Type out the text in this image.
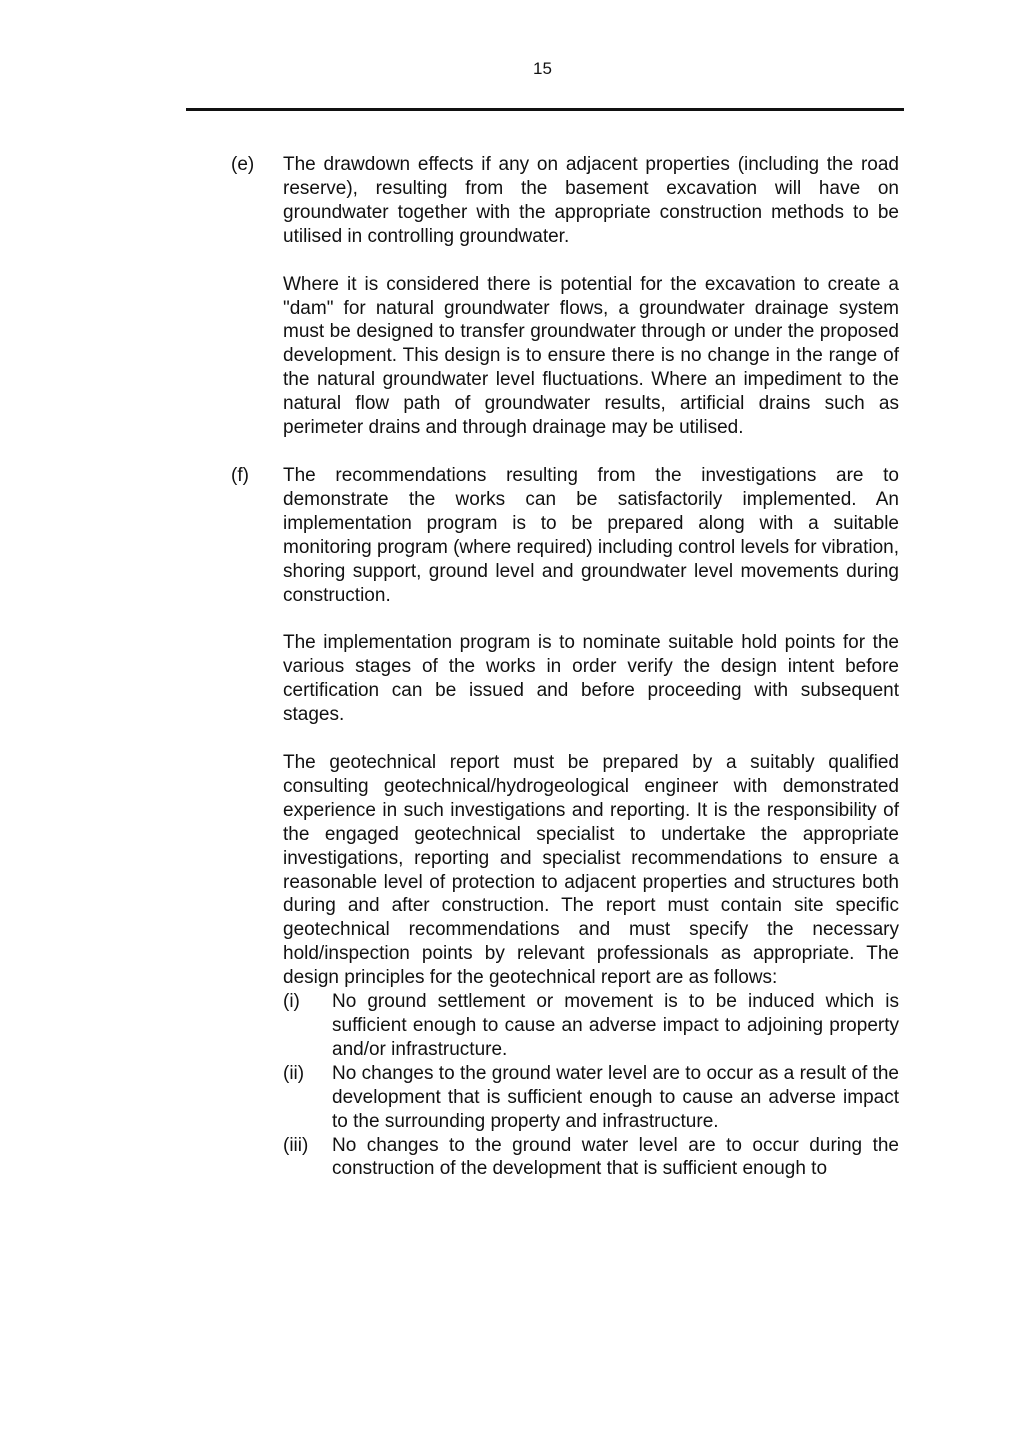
15
(e) The drawdown effects if any on adjacent properties (including the road reserve), resulting from the basement excavation will have on groundwater together with the appropriate construction methods to be utilised in controlling groundwater.

Where it is considered there is potential for the excavation to create a "dam" for natural groundwater flows, a groundwater drainage system must be designed to transfer groundwater through or under the proposed development. This design is to ensure there is no change in the range of the natural groundwater level fluctuations. Where an impediment to the natural flow path of groundwater results, artificial drains such as perimeter drains and through drainage may be utilised.

(f) The recommendations resulting from the investigations are to demonstrate the works can be satisfactorily implemented. An implementation program is to be prepared along with a suitable monitoring program (where required) including control levels for vibration, shoring support, ground level and groundwater level movements during construction.

The implementation program is to nominate suitable hold points for the various stages of the works in order verify the design intent before certification can be issued and before proceeding with subsequent stages.

The geotechnical report must be prepared by a suitably qualified consulting geotechnical/hydrogeological engineer with demonstrated experience in such investigations and reporting. It is the responsibility of the engaged geotechnical specialist to undertake the appropriate investigations, reporting and specialist recommendations to ensure a reasonable level of protection to adjacent properties and structures both during and after construction. The report must contain site specific geotechnical recommendations and must specify the necessary hold/inspection points by relevant professionals as appropriate. The design principles for the geotechnical report are as follows:

(i) No ground settlement or movement is to be induced which is sufficient enough to cause an adverse impact to adjoining property and/or infrastructure.
(ii) No changes to the ground water level are to occur as a result of the development that is sufficient enough to cause an adverse impact to the surrounding property and infrastructure.
(iii) No changes to the ground water level are to occur during the construction of the development that is sufficient enough to
